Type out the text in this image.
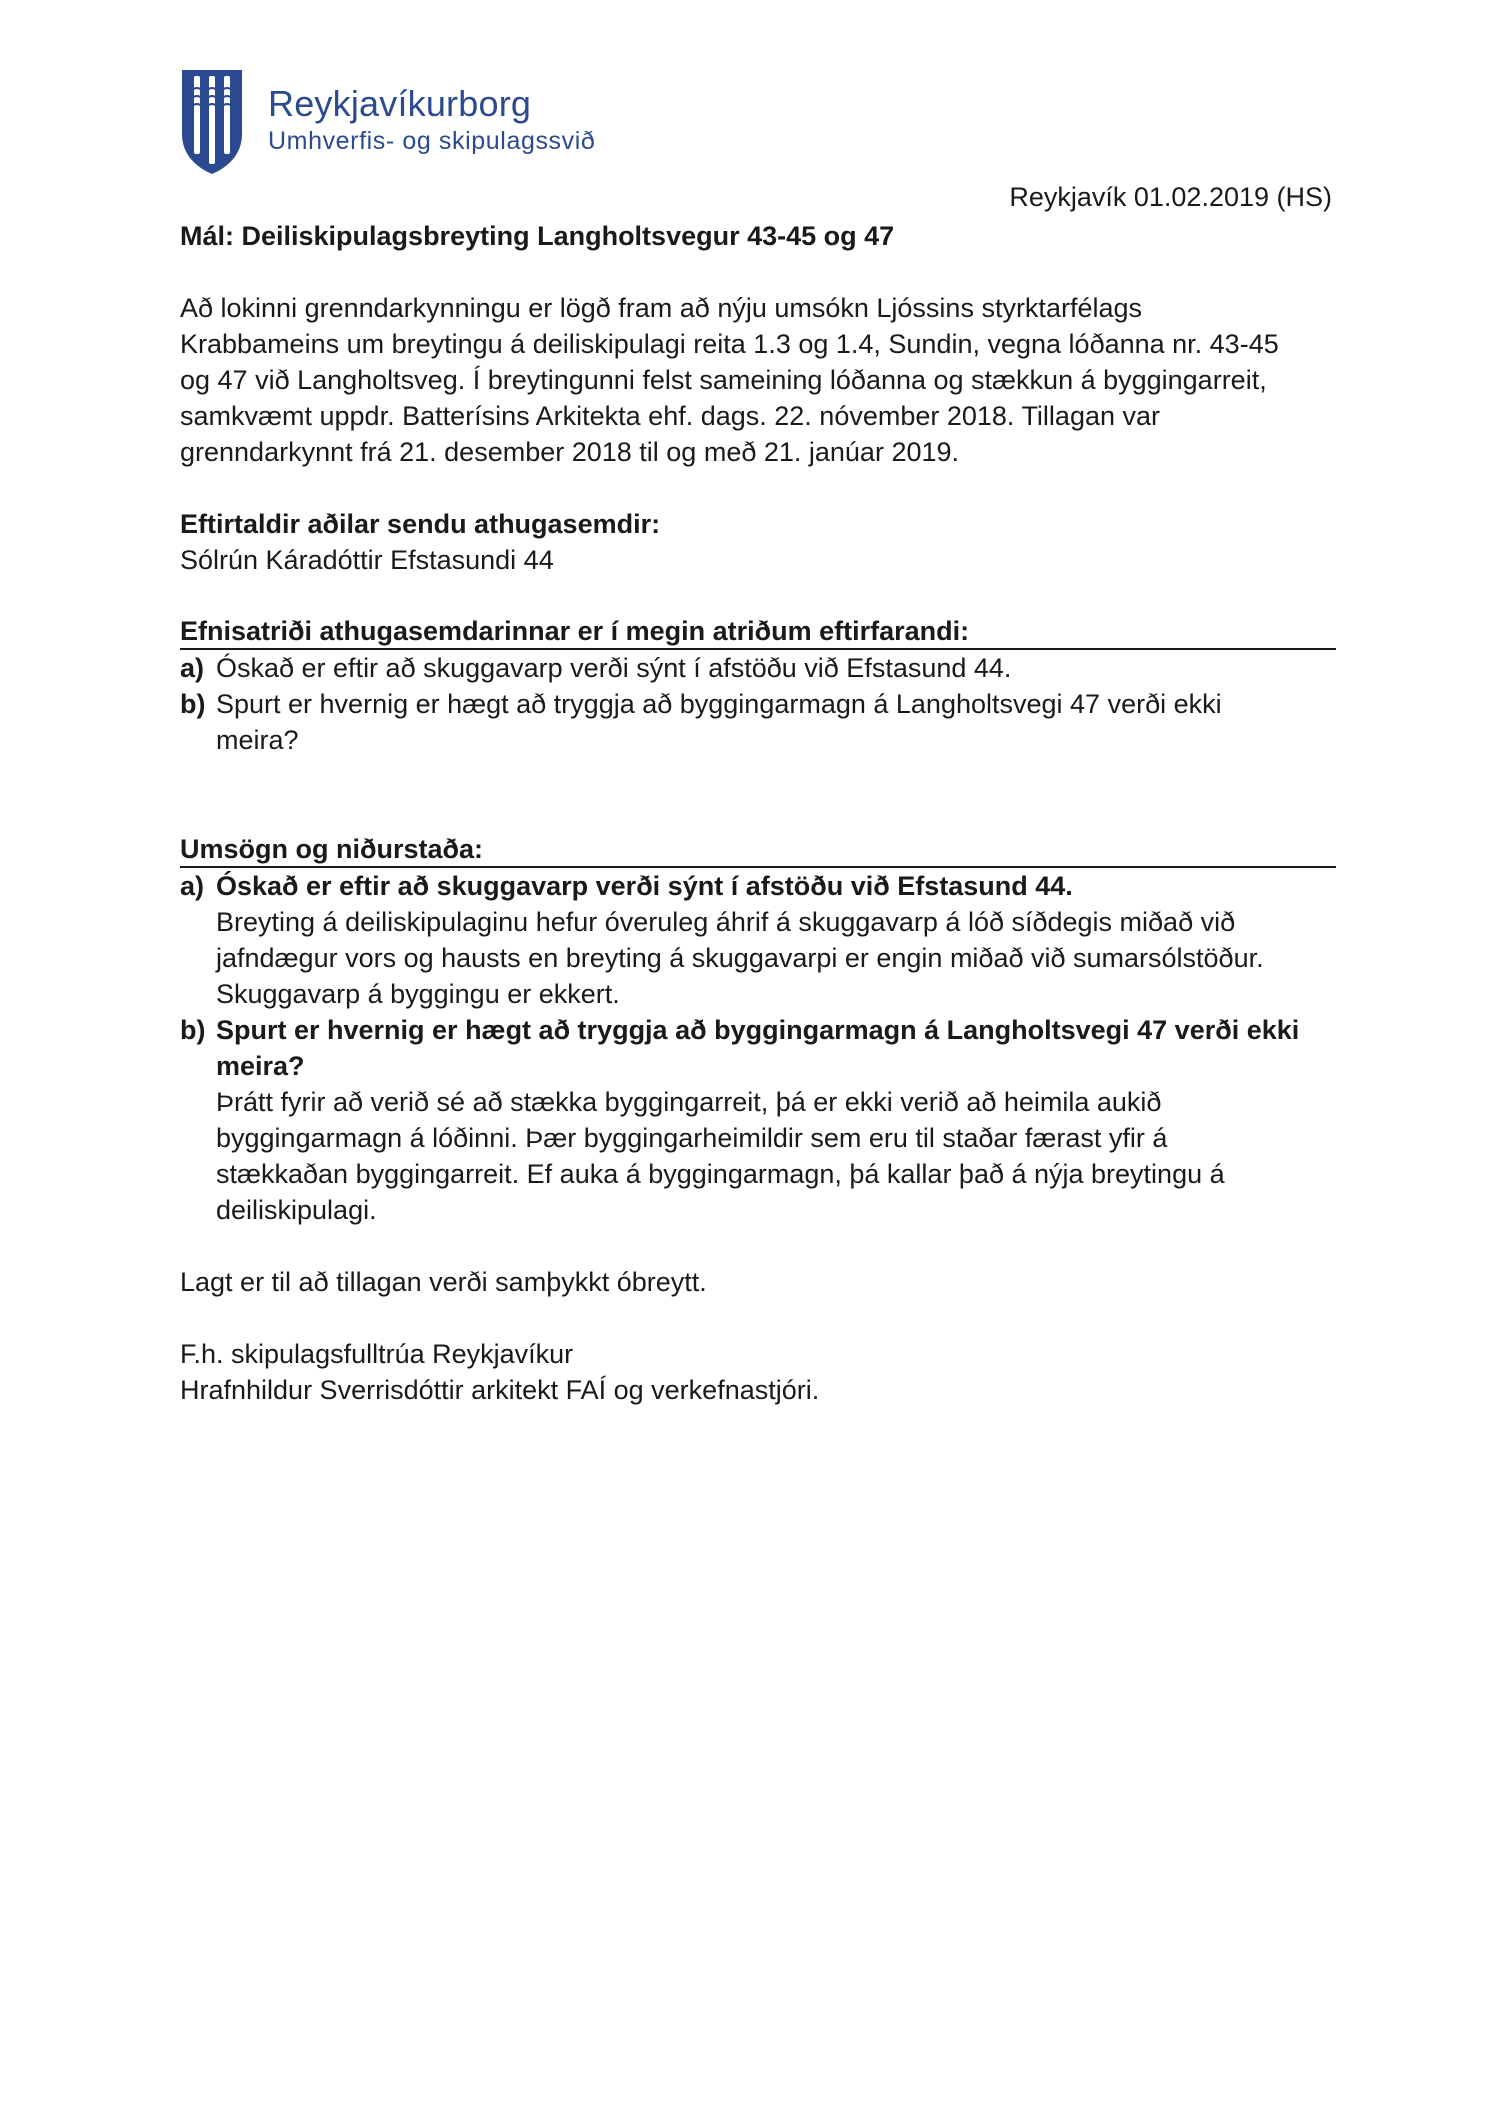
Reykjavíkurborg
Umhverfis- og skipulagssvið
Reykjavík 01.02.2019 (HS)

Mál: Deiliskipulagsbreyting Langholtsvegur 43-45 og 47

Að lokinni grenndarkynningu er lögð fram að nýju umsókn Ljóssins styrktarfélags

Krabbameins um breytingu á deiliskipulagi reita 1.3 og 1.4, Sundin, vegna lóðanna nr. 43-45

og 47 við Langholtsveg. Í breytingunni felst sameining lóðanna og stækkun á byggingarreit,

samkvæmt uppdr. Batterísins Arkitekta ehf. dags. 22. nóvember 2018. Tillagan var

grenndarkynnt frá 21. desember 2018 til og með 21. janúar 2019.

Eftirtaldir aðilar sendu athugasemdir:

Sólrún Káradóttir Efstasundi 44

Efnisatriði athugasemdarinnar er í megin atriðum eftirfarandi:

a) Óskað er eftir að skuggavarp verði sýnt í afstöðu við Efstasund 44.

b) Spurt er hvernig er hægt að tryggja að byggingarmagn á Langholtsvegi 47 verði ekki

meira?

Umsögn og niðurstaða:

a) Óskað er eftir að skuggavarp verði sýnt í afstöðu við Efstasund 44.

Breyting á deiliskipulaginu hefur óveruleg áhrif á skuggavarp á lóð síðdegis miðað við

jafndægur vors og hausts en breyting á skuggavarpi er engin miðað við sumarsólstöður.

Skuggavarp á byggingu er ekkert.

b) Spurt er hvernig er hægt að tryggja að byggingarmagn á Langholtsvegi 47 verði ekki

meira?

Þrátt fyrir að verið sé að stækka byggingarreit, þá er ekki verið að heimila aukið

byggingarmagn á lóðinni. Þær byggingarheimildir sem eru til staðar færast yfir á

stækkaðan byggingarreit. Ef auka á byggingarmagn, þá kallar það á nýja breytingu á

deiliskipulagi.

Lagt er til að tillagan verði samþykkt óbreytt.

F.h. skipulagsfulltrúa Reykjavíkur

Hrafnhildur Sverrisdóttir arkitekt FAÍ og verkefnastjóri.
